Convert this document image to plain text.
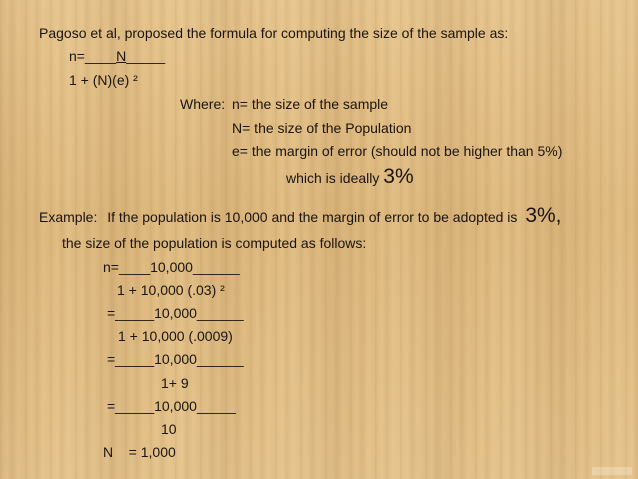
Pagoso et al, proposed the formula for computing the size of the sample as:
n=____N_____
1 + (N)(e) ²
Where: n= the size of the sample
N= the size of the Population
e= the margin of error (should not be higher than 5%)
which is ideally 3%
Example: If the population is 10,000 and the margin of error to be adopted is 3%,
the size of the population is computed as follows:
n=____10,000______
1 + 10,000 (.03) ²
=_____10,000______
1 + 10,000 (.0009)
=_____10,000______
1+ 9
=_____10,000_____
10
N    = 1,000
